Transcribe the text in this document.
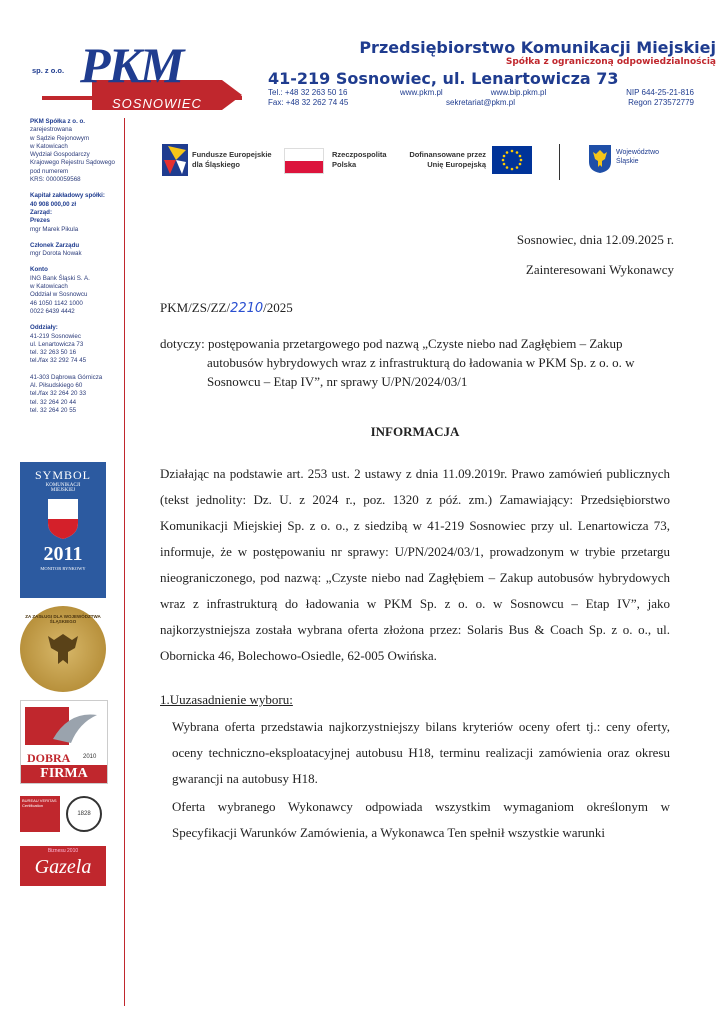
sp. z o.o. PKM
SOSNOWIEC
Przedsiębiorstwo Komunikacji Miejskiej
Spółka z ograniczoną odpowiedzialnością
41-219 Sosnowiec, ul. Lenartowicza 73
Tel.: +48 32 263 50 16
Fax: +48 32 262 74 45
www.pkm.pl	www.bip.pkm.pl
sekretariat@pkm.pl
NIP 644-25-21-816
Regon 273572779
PKM Spółka z o. o.
zarejestrowana
w Sądzie Rejonowym
w Katowicach
Wydział Gospodarczy
Krajowego Rejestru Sądowego
pod numerem
KRS: 0000059568
Kapitał zakładowy spółki:
40 908 000,00 zł
Zarząd:
Prezes
mgr Marek Pikula
Członek Zarządu
mgr Dorota Nowak
Konto
ING Bank Śląski S. A.
w Katowicach
Oddział w Sosnowcu
46 1050 1142 1000
0022 6439 4442
Oddziały:
41-219 Sosnowiec
ul. Lenartowicza 73
tel. 32 263 50 16
tel./fax 32 292 74 45
41-303 Dąbrowa Górnicza
Al. Piłsudskiego 60
tel./fax 32 264 20 33
tel. 32 264 20 44
tel. 32 264 20 55
SYMBOL
KOMUNIKACJI
MIEJSKIEJ
2011
MONITOR RYNKOWY
ZA ZASŁUGI DLA WOJEWÓDZTWA ŚLĄSKIEGO
DOBRA 2010
FIRMA
BUREAU VERITAS Certification
1828
Biznesu 2010
Gazela
Fundusze Europejskie
dla Śląskiego
Rzeczpospolita
Polska
Dofinansowane przez
Unię Europejską
Województwo
Śląskie
Sosnowiec, dnia 12.09.2025 r.
Zainteresowani Wykonawcy
PKM/ZS/ZZ/2210/2025
dotyczy: postępowania przetargowego pod nazwą „Czyste niebo nad Zagłębiem – Zakup autobusów hybrydowych wraz z infrastrukturą do ładowania w PKM Sp. z o. o. w Sosnowcu – Etap IV”, nr sprawy U/PN/2024/03/1
INFORMACJA
Działając na podstawie art. 253 ust. 2 ustawy z dnia 11.09.2019r. Prawo zamówień publicznych (tekst jednolity: Dz. U. z 2024 r., poz. 1320 z póź. zm.) Zamawiający: Przedsiębiorstwo Komunikacji Miejskiej Sp. z o. o., z siedzibą w 41-219 Sosnowiec przy ul. Lenartowicza 73, informuje, że w postępowaniu nr sprawy: U/PN/2024/03/1, prowadzonym w trybie przetargu nieograniczonego, pod nazwą: „Czyste niebo nad Zagłębiem – Zakup autobusów hybrydowych wraz z infrastrukturą do ładowania w PKM Sp. z o. o. w Sosnowcu – Etap IV”, jako najkorzystniejsza została wybrana oferta złożona przez: Solaris Bus & Coach Sp. z o. o., ul. Obornicka 46, Bolechowo-Osiedle, 62-005 Owińska.
1.Uuzasadnienie wyboru:
Wybrana oferta przedstawia najkorzystniejszy bilans kryteriów oceny ofert tj.: ceny oferty, oceny techniczno-eksploatacyjnej autobusu H18, terminu realizacji zamówienia oraz okresu gwarancji na autobusy H18.
Oferta wybranego Wykonawcy odpowiada wszystkim wymaganiom określonym w Specyfikacji Warunków Zamówienia, a Wykonawca Ten spełnił wszystkie warunki
